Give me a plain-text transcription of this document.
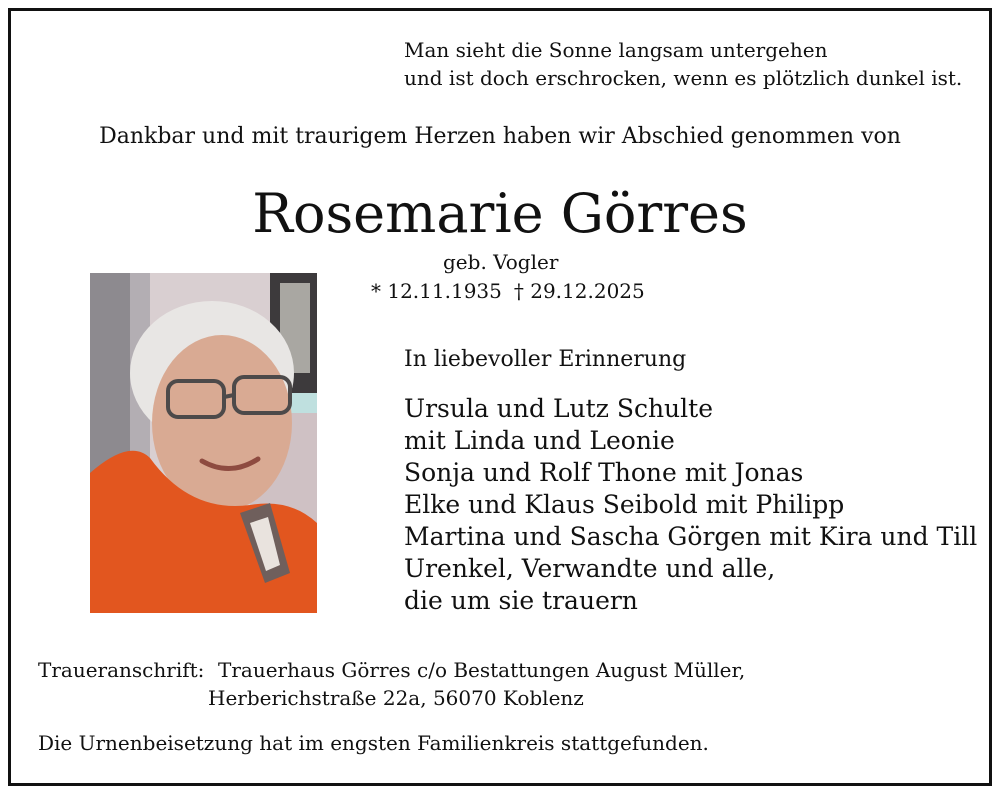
Man sieht die Sonne langsam untergehen
und ist doch erschrocken, wenn es plötzlich dunkel ist.
Dankbar und mit traurigem Herzen haben wir Abschied genommen von
Rosemarie Görres
geb. Vogler
* 12.11.1935 † 29.12.2025
In liebevoller Erinnerung
Ursula und Lutz Schulte
mit Linda und Leonie
Sonja und Rolf Thone mit Jonas
Elke und Klaus Seibold mit Philipp
Martina und Sascha Görgen mit Kira und Till
Urenkel, Verwandte und alle,
die um sie trauern
Traueranschrift: Trauerhaus Görres c/o Bestattungen August Müller,
Herberichstraße 22a, 56070 Koblenz
Die Urnenbeisetzung hat im engsten Familienkreis stattgefunden.
